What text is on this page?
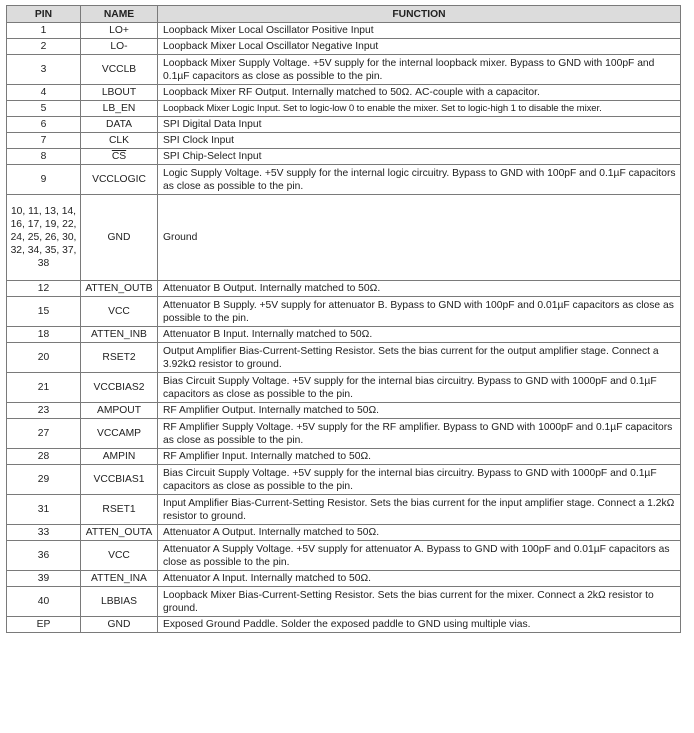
PIN	NAME	FUNCTION
1	LO+	Loopback Mixer Local Oscillator Positive Input
2	LO-	Loopback Mixer Local Oscillator Negative Input
3	VCCLB	Loopback Mixer Supply Voltage. +5V supply for the internal loopback mixer. Bypass to GND with 100pF and 0.1µF capacitors as close as possible to the pin.
4	LBOUT	Loopback Mixer RF Output. Internally matched to 50Ω. AC-couple with a capacitor.
5	LB_EN	Loopback Mixer Logic Input. Set to logic-low 0 to enable the mixer. Set to logic-high 1 to disable the mixer.
6	DATA	SPI Digital Data Input
7	CLK	SPI Clock Input
8	$\overline{CS}$	SPI Chip-Select Input
9	VCCLOGIC	Logic Supply Voltage. +5V supply for the internal logic circuitry. Bypass to GND with 100pF and 0.1µF capacitors as close as possible to the pin.
10, 11, 13, 14, 16, 17, 19, 22, 24, 25, 26, 30, 32, 34, 35, 37, 38	GND	Ground
12	ATTEN_OUTB	Attenuator B Output. Internally matched to 50Ω.
15	VCC	Attenuator B Supply. +5V supply for attenuator B. Bypass to GND with 100pF and 0.01µF capacitors as close as possible to the pin.
18	ATTEN_INB	Attenuator B Input. Internally matched to 50Ω.
20	RSET2	Output Amplifier Bias-Current-Setting Resistor. Sets the bias current for the output amplifier stage. Connect a 3.92kΩ resistor to ground.
21	VCCBIAS2	Bias Circuit Supply Voltage. +5V supply for the internal bias circuitry. Bypass to GND with 1000pF and 0.1µF capacitors as close as possible to the pin.
23	AMPOUT	RF Amplifier Output. Internally matched to 50Ω.
27	VCCAMP	RF Amplifier Supply Voltage. +5V supply for the RF amplifier. Bypass to GND with 1000pF and 0.1µF capacitors as close as possible to the pin.
28	AMPIN	RF Amplifier Input. Internally matched to 50Ω.
29	VCCBIAS1	Bias Circuit Supply Voltage. +5V supply for the internal bias circuitry. Bypass to GND with 1000pF and 0.1µF capacitors as close as possible to the pin.
31	RSET1	Input Amplifier Bias-Current-Setting Resistor. Sets the bias current for the input amplifier stage. Connect a 1.2kΩ resistor to ground.
33	ATTEN_OUTA	Attenuator A Output. Internally matched to 50Ω.
36	VCC	Attenuator A Supply Voltage. +5V supply for attenuator A. Bypass to GND with 100pF and 0.01µF capacitors as close as possible to the pin.
39	ATTEN_INA	Attenuator A Input. Internally matched to 50Ω.
40	LBBIAS	Loopback Mixer Bias-Current-Setting Resistor. Sets the bias current for the mixer. Connect a 2kΩ resistor to ground.
EP	GND	Exposed Ground Paddle. Solder the exposed paddle to GND using multiple vias.
